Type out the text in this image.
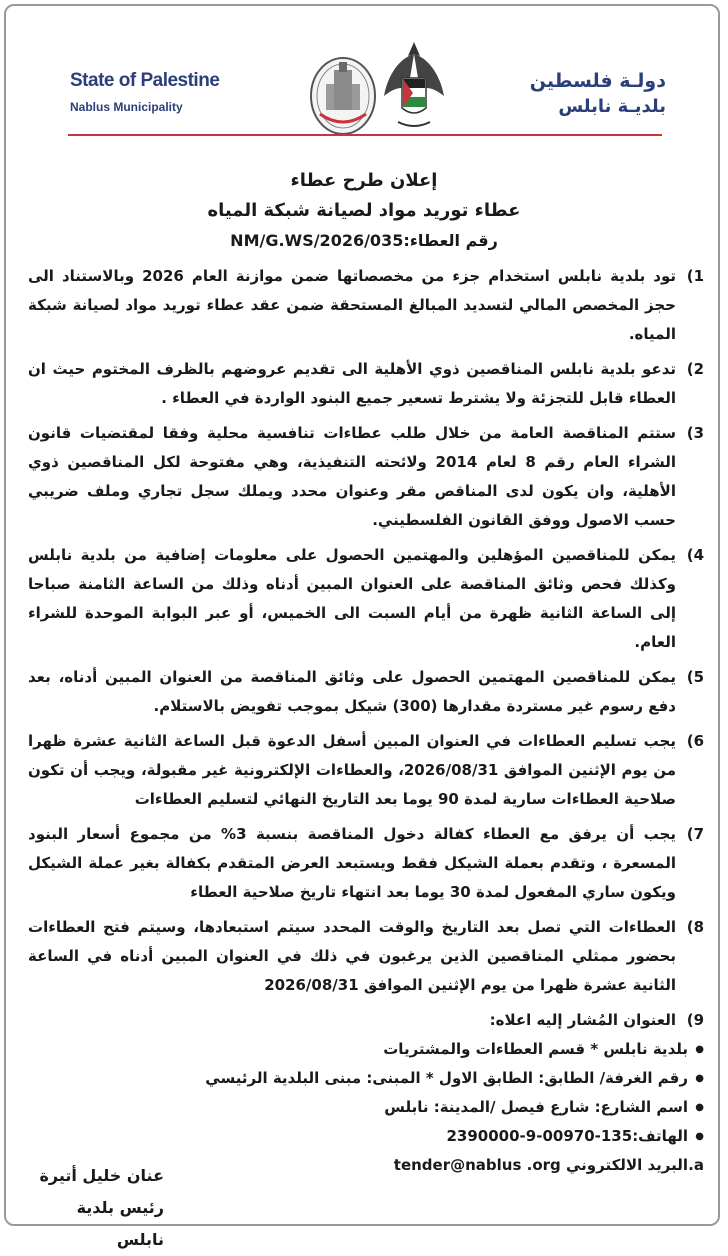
State of Palestine
Nablus Municipality
دولـة فلسطين
بلديـة نابلس

إعلان طرح عطاء

عطاء توريد مواد لصيانة شبكة المياه

رقم العطاء:NM/G.WS/2026/035

1)
تود بلدية نابلس استخدام جزء من مخصصاتها ضمن موازنة العام 2026 وبالاستناد الى حجز المخصص المالي لتسديد المبالغ المستحقة ضمن عقد عطاء توريد مواد لصيانة شبكة المياه.
2)
تدعو بلدية نابلس المناقصين ذوي الأهلية الى تقديم عروضهم بالظرف المختوم حيث ان العطاء قابل للتجزئة ولا يشترط تسعير جميع البنود الواردة في العطاء .
3)
ستتم المناقصة العامة من خلال طلب عطاءات تنافسية محلية وفقا لمقتضيات قانون الشراء العام رقم 8 لعام 2014 ولائحته التنفيذية، وهي مفتوحة لكل المناقصين ذوي الأهلية، وان يكون لدى المناقص مقر وعنوان محدد ويملك سجل تجاري وملف ضريبي حسب الاصول ووفق القانون الفلسطيني.
4)
يمكن للمناقصين المؤهلين والمهتمين الحصول على معلومات إضافية من بلدية نابلس وكذلك فحص وثائق المناقصة على العنوان المبين أدناه وذلك من الساعة الثامنة صباحا إلى الساعة الثانية ظهرة من أيام السبت الى الخميس، أو عبر البوابة الموحدة للشراء العام.
5)
يمكن للمناقصين المهتمين الحصول على وثائق المناقصة من العنوان المبين أدناه، بعد دفع رسوم غير مستردة مقدارها (300) شيكل بموجب تفويض بالاستلام.
6)
يجب تسليم العطاءات في العنوان المبين أسفل الدعوة قبل الساعة الثانية عشرة ظهرا من يوم الإثنين الموافق 2026/08/31، والعطاءات الإلكترونية غير مقبولة، ويجب أن تكون صلاحية العطاءات سارية لمدة 90 يوما بعد التاريخ النهائي لتسليم العطاءات
7)
يجب أن يرفق مع العطاء كفالة دخول المناقصة بنسبة 3% من مجموع أسعار البنود المسعرة ، وتقدم بعملة الشيكل فقط ويستبعد العرض المتقدم بكفالة بغير عملة الشيكل ويكون ساري المفعول لمدة 30 يوما بعد انتهاء تاريخ صلاحية العطاء
8)
العطاءات التي تصل بعد التاريخ والوقت المحدد سيتم استبعادها، وسيتم فتح العطاءات بحضور ممثلي المناقصين الذين يرغبون في ذلك في العنوان المبين أدناه في الساعة الثانية عشرة ظهرا من يوم الإثنين الموافق 2026/08/31
9)
العنوان المُشار إليه اعلاه:
● بلدية نابلس * قسم العطاءات والمشتريات
● رقم الغرفة/ الطابق: الطابق الاول * المبنى: مبنى البلدية الرئيسي
● اسم الشارع: شارع فيصل /المدينة: نابلس
● الهاتف:135-00970-9-2390000
a.
البريد الالكتروني tender@nablus .org
عنان خليل أتيرة
رئيس بلدية نابلس
